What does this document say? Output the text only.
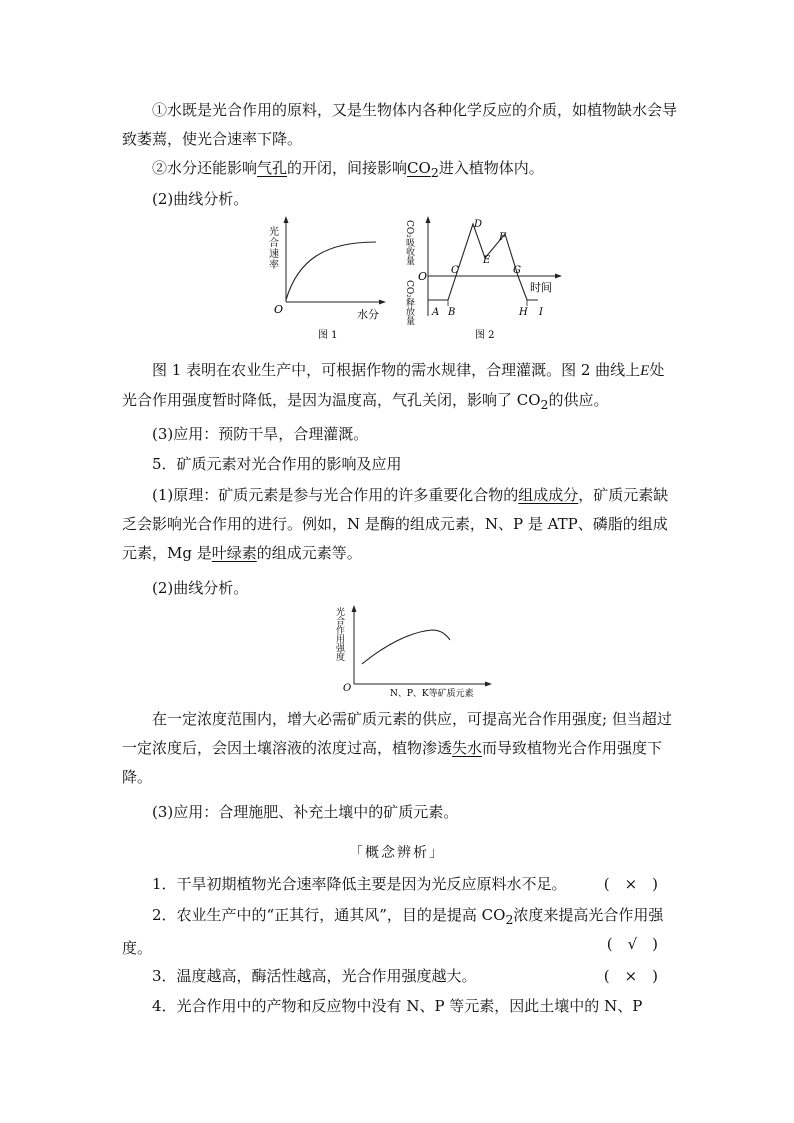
①水既是光合作用的原料，又是生物体内各种化学反应的介质，如植物缺水会导致萎蔫，使光合速率下降。

②水分还能影响气孔的开闭，间接影响$CO_2$进入植物体内。

(2)曲线分析。

光合速率
O	水分
图 1
CO₂吸收量
CO₂释放量
O
时间
A B
C
D
E
F
G
H I
图 2

图 1 表明在农业生产中，可根据作物的需水规律，合理灌溉。图 2 曲线上E处光合作用强度暂时降低，是因为温度高，气孔关闭，影响了 $CO_2$的供应。

(3)应用：预防干旱，合理灌溉。

5．矿质元素对光合作用的影响及应用

(1)原理：矿质元素是参与光合作用的许多重要化合物的组成成分，矿质元素缺乏会影响光合作用的进行。例如，N 是酶的组成元素，N、P 是 ATP、磷脂的组成元素，Mg 是叶绿素的组成元素等。

(2)曲线分析。

光合作用强度
O	N、P、K等矿质元素

在一定浓度范围内，增大必需矿质元素的供应，可提高光合作用强度; 但当超过一定浓度后，会因土壤溶液的浓度过高，植物渗透失水而导致植物光合作用强度下降。

(3)应用：合理施肥、补充土壤中的矿质元素。

「概念辨析」

1．干旱初期植物光合速率降低主要是因为光反应原料水不足。	(　×　)

2．农业生产中的“正其行，通其风”，目的是提高 $CO_2$浓度来提高光合作用强度。	(　√　)

3．温度越高，酶活性越高，光合作用强度越大。	(　×　)

4．光合作用中的产物和反应物中没有 N、P 等元素，因此土壤中的 N、P
